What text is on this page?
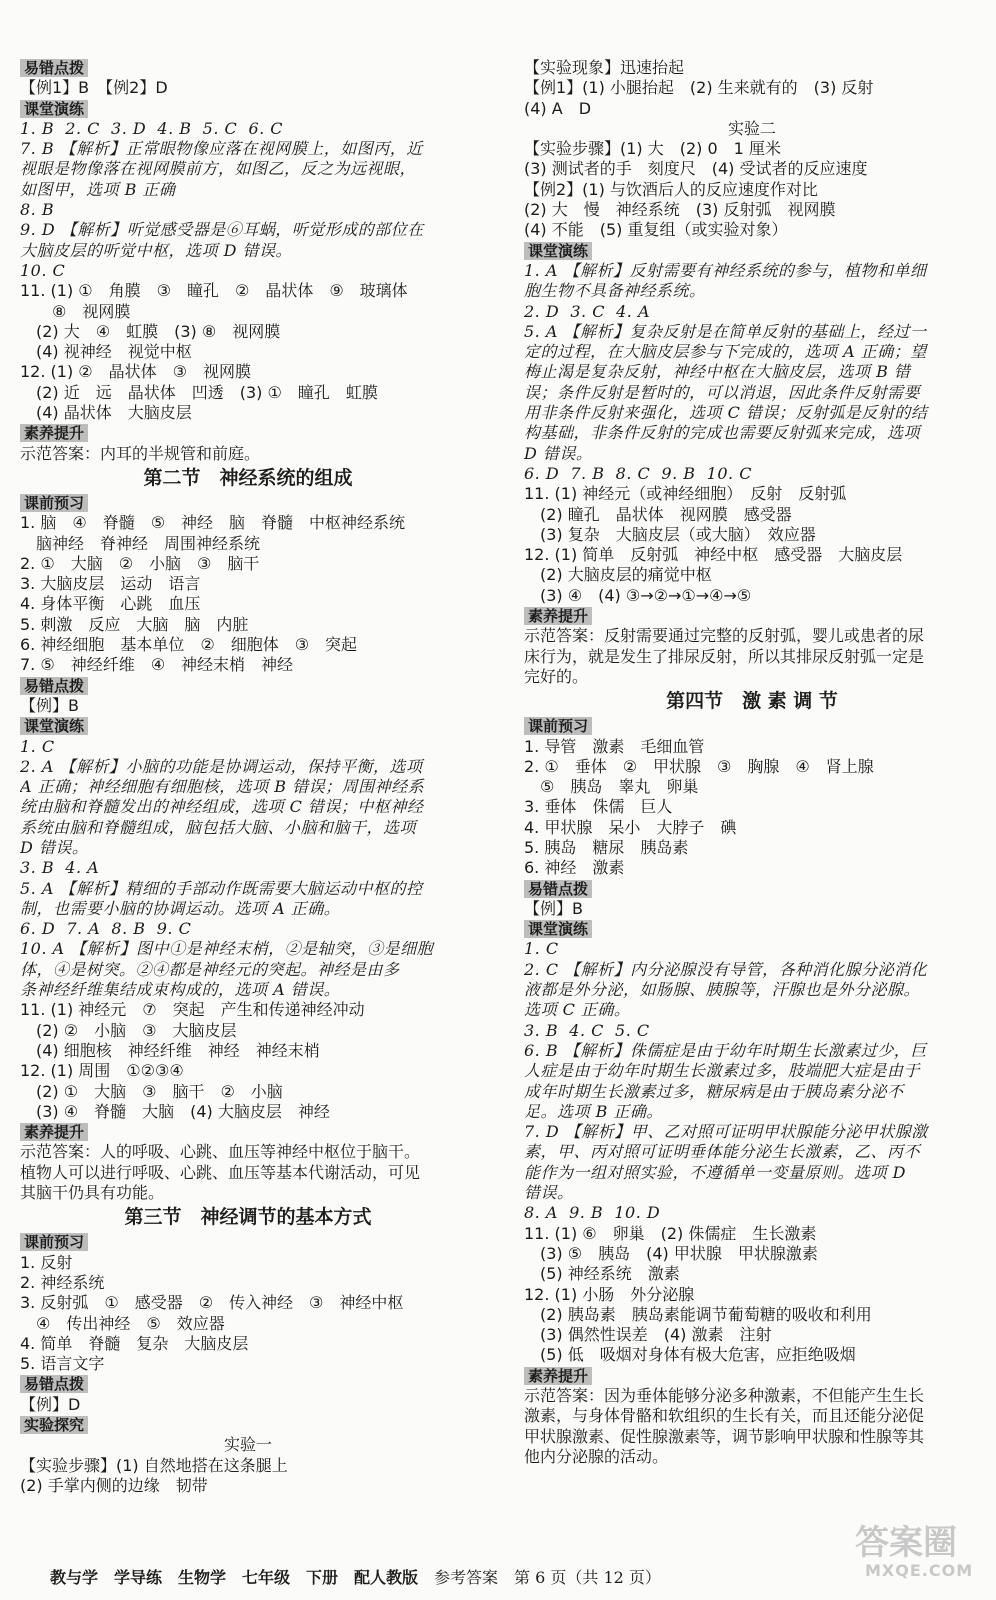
易错点拨
【例1】B　【例2】D
课堂演练
1. B  2. C  3. D  4. B  5. C  6. C
7. B 【解析】正常眼物像应落在视网膜上，如图丙，近
视眼是物像落在视网膜前方，如图乙，反之为远视眼，
如图甲，选项 B 正确
8. B
9. D 【解析】听觉感受器是⑥耳蜗，听觉形成的部位在
大脑皮层的听觉中枢，选项 D 错误。
10. C
11. (1) ①　角膜　③　瞳孔　②　晶状体　⑨　玻璃体
　　⑧　视网膜
　(2) 大　④　虹膜　(3) ⑧　视网膜
　(4) 视神经　视觉中枢
12. (1) ②　晶状体　③　视网膜
　(2) 近　远　晶状体　凹透　(3) ①　瞳孔　虹膜
　(4) 晶状体　大脑皮层
素养提升
示范答案：内耳的半规管和前庭。
第二节　神经系统的组成
课前预习
1. 脑　④　脊髓　⑤　神经　脑　脊髓　中枢神经系统
　脑神经　脊神经　周围神经系统
2. ①　大脑　②　小脑　③　脑干
3. 大脑皮层　运动　语言
4. 身体平衡　心跳　血压
5. 刺激　反应　大脑　脑　内脏
6. 神经细胞　基本单位　②　细胞体　③　突起
7. ⑤　神经纤维　④　神经末梢　神经
易错点拨
【例】B
课堂演练
1. C
2. A 【解析】小脑的功能是协调运动，保持平衡，选项
A 正确；神经细胞有细胞核，选项 B 错误；周围神经系
统由脑和脊髓发出的神经组成，选项 C 错误；中枢神经
系统由脑和脊髓组成，脑包括大脑、小脑和脑干，选项
D 错误。
3. B  4. A
5. A 【解析】精细的手部动作既需要大脑运动中枢的控
制，也需要小脑的协调运动。选项 A 正确。
6. D  7. A  8. B  9. C
10. A 【解析】图中①是神经末梢，②是轴突，③是细胞
体，④是树突。②④都是神经元的突起。神经是由多
条神经纤维集结成束构成的，选项 A 错误。
11. (1) 神经元　⑦　突起　产生和传递神经冲动
　(2) ②　小脑　③　大脑皮层
　(4) 细胞核　神经纤维　神经　神经末梢
12. (1) 周围　①②③④
　(2) ①　大脑　③　脑干　②　小脑
　(3) ④　脊髓　大脑　(4) 大脑皮层　神经
素养提升
示范答案：人的呼吸、心跳、血压等神经中枢位于脑干。
植物人可以进行呼吸、心跳、血压等基本代谢活动，可见
其脑干仍具有功能。
第三节　神经调节的基本方式
课前预习
1. 反射
2. 神经系统
3. 反射弧　①　感受器　②　传入神经　③　神经中枢
　④　传出神经　⑤　效应器
4. 简单　脊髓　复杂　大脑皮层
5. 语言文字
易错点拨
【例】D
实验探究
实验一
【实验步骤】(1) 自然地搭在这条腿上
(2) 手掌内侧的边缘　韧带
【实验现象】迅速抬起
【例1】(1) 小腿抬起　(2) 生来就有的　(3) 反射
(4) A　D
实验二
【实验步骤】(1) 大　(2) 0　1 厘米
(3) 测试者的手　刻度尺　(4) 受试者的反应速度
【例2】(1) 与饮酒后人的反应速度作对比
(2) 大　慢　神经系统　(3) 反射弧　视网膜
(4) 不能　(5) 重复组（或实验对象）
课堂演练
1. A 【解析】反射需要有神经系统的参与，植物和单细
胞生物不具备神经系统。
2. D  3. C  4. A
5. A 【解析】复杂反射是在简单反射的基础上，经过一
定的过程，在大脑皮层参与下完成的，选项 A 正确；望
梅止渴是复杂反射，神经中枢在大脑皮层，选项 B 错
误；条件反射是暂时的，可以消退，因此条件反射需要
用非条件反射来强化，选项 C 错误；反射弧是反射的结
构基础，非条件反射的完成也需要反射弧来完成，选项
D 错误。
6. D  7. B  8. C  9. B  10. C
11. (1) 神经元（或神经细胞）　反射　反射弧
　(2) 瞳孔　晶状体　视网膜　感受器
　(3) 复杂　大脑皮层（或大脑）　效应器
12. (1) 简单　反射弧　神经中枢　感受器　大脑皮层
　(2) 大脑皮层的痛觉中枢
　(3) ④　(4) ③→②→①→④→⑤
素养提升
示范答案：反射需要通过完整的反射弧，婴儿或患者的尿
床行为，就是发生了排尿反射，所以其排尿反射弧一定是
完好的。
第四节　激 素 调 节
课前预习
1. 导管　激素　毛细血管
2. ①　垂体　②　甲状腺　③　胸腺　④　肾上腺
　⑤　胰岛　睾丸　卵巢
3. 垂体　侏儒　巨人
4. 甲状腺　呆小　大脖子　碘
5. 胰岛　糖尿　胰岛素
6. 神经　激素
易错点拨
【例】B
课堂演练
1. C
2. C 【解析】内分泌腺没有导管，各种消化腺分泌消化
液都是外分泌，如肠腺、胰腺等，汗腺也是外分泌腺。
选项 C 正确。
3. B  4. C  5. C
6. B 【解析】侏儒症是由于幼年时期生长激素过少，巨
人症是由于幼年时期生长激素过多，肢端肥大症是由于
成年时期生长激素过多，糖尿病是由于胰岛素分泌不
足。选项 B 正确。
7. D 【解析】甲、乙对照可证明甲状腺能分泌甲状腺激
素，甲、丙对照可证明垂体能分泌生长激素，乙、丙不
能作为一组对照实验，不遵循单一变量原则。选项 D
错误。
8. A  9. B  10. D
11. (1) ⑥　卵巢　(2) 侏儒症　生长激素
　(3) ⑤　胰岛　(4) 甲状腺　甲状腺激素
　(5) 神经系统　激素
12. (1) 小肠　外分泌腺
　(2) 胰岛素　胰岛素能调节葡萄糖的吸收和利用
　(3) 偶然性误差　(4) 激素　注射
　(5) 低　吸烟对身体有极大危害，应拒绝吸烟
素养提升
示范答案：因为垂体能够分泌多种激素，不但能产生生长
激素，与身体骨骼和软组织的生长有关，而且还能分泌促
甲状腺激素、促性腺激素等，调节影响甲状腺和性腺等其
他内分泌腺的活动。
教与学　学导练　生物学　七年级　下册　配人教版　 参考答案　第 6 页（共 12 页）
答案圈
MXQE.COM
